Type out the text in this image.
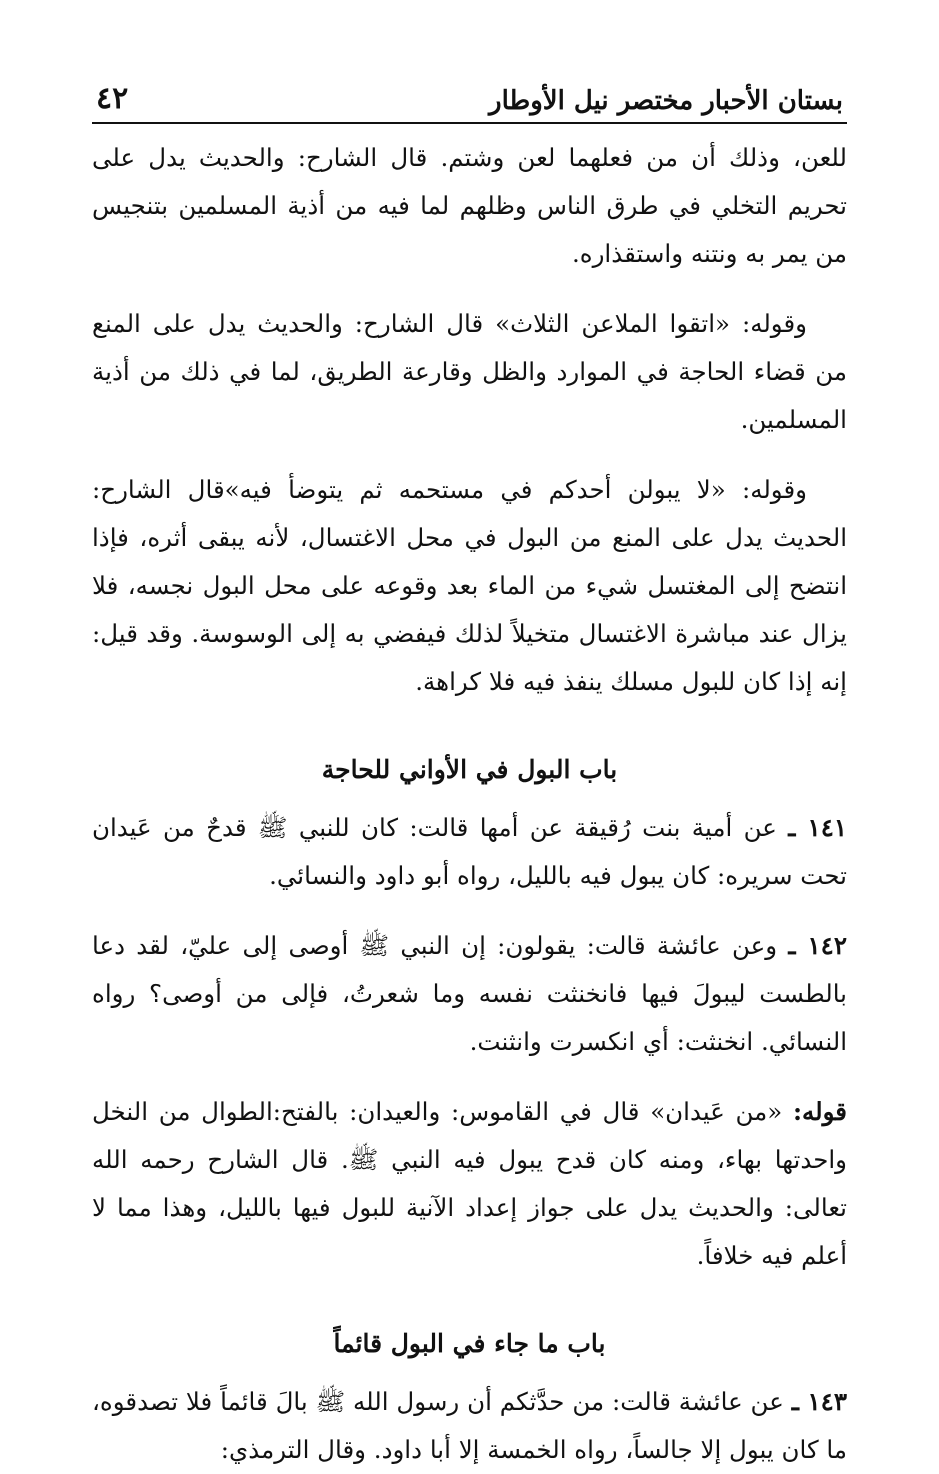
بستان الأحبار مختصر نيل الأوطار
٤٢

للعن، وذلك أن من فعلهما لعن وشتم. قال الشارح: والحديث يدل على تحريم التخلي في طرق الناس وظلهم لما فيه من أذية المسلمين بتنجيس من يمر به ونتنه واستقذاره.

وقوله: «اتقوا الملاعن الثلاث» قال الشارح: والحديث يدل على المنع من قضاء الحاجة في الموارد والظل وقارعة الطريق، لما في ذلك من أذية المسلمين.

وقوله: «لا يبولن أحدكم في مستحمه ثم يتوضأ فيه»قال الشارح: الحديث يدل على المنع من البول في محل الاغتسال، لأنه يبقى أثره، فإذا انتضح إلى المغتسل شيء من الماء بعد وقوعه على محل البول نجسه، فلا يزال عند مباشرة الاغتسال متخيلاً لذلك فيفضي به إلى الوسوسة. وقد قيل: إنه إذا كان للبول مسلك ينفذ فيه فلا كراهة.

باب البول في الأواني للحاجة

١٤١ ـ عن أمية بنت رُقيقة عن أمها قالت: كان للنبي ﷺ قدحٌ من عَيدان تحت سريره: كان يبول فيه بالليل، رواه أبو داود والنسائي.

١٤٢ ـ وعن عائشة قالت: يقولون: إن النبي ﷺ أوصى إلى عليّ، لقد دعا بالطست ليبولَ فيها فانخنثت نفسه وما شعرتُ، فإلى من أوصى؟ رواه النسائي. انخنثت: أي انكسرت وانثنت.

قوله: «من عَيدان» قال في القاموس: والعيدان: بالفتح:الطوال من النخل واحدتها بهاء، ومنه كان قدح يبول فيه النبي ﷺ. قال الشارح رحمه الله تعالى: والحديث يدل على جواز إعداد الآنية للبول فيها بالليل، وهذا مما لا أعلم فيه خلافاً.

باب ما جاء في البول قائماً

١٤٣ ـ عن عائشة قالت: من حدَّثكم أن رسول الله ﷺ بالَ قائماً فلا تصدقوه، ما كان يبول إلا جالساً، رواه الخمسة إلا أبا داود. وقال الترمذي:
